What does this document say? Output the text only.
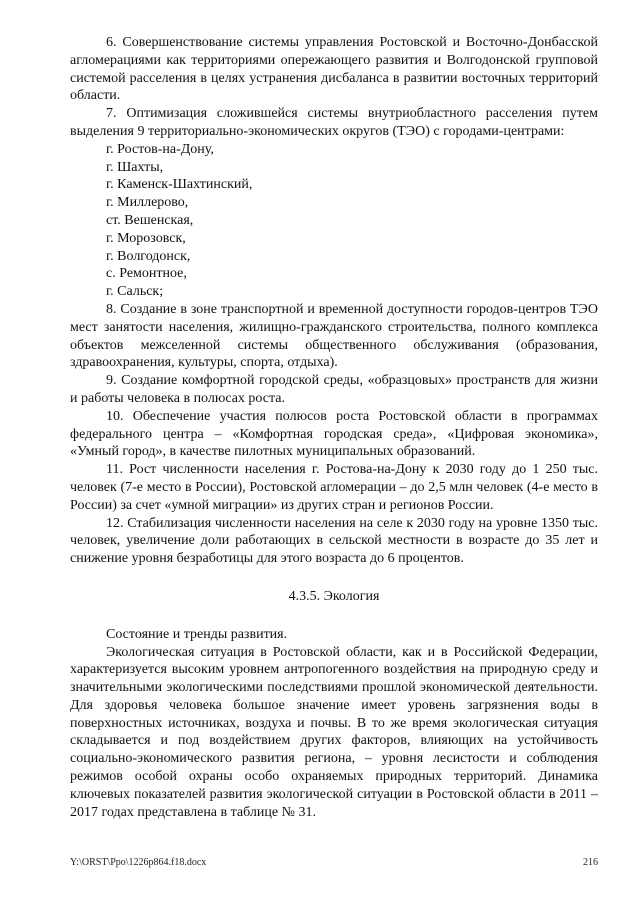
6. Совершенствование системы управления Ростовской и Восточно-Донбасской агломерациями как территориями опережающего развития и Волгодонской групповой системой расселения в целях устранения дисбаланса в развитии восточных территорий области.

7. Оптимизация сложившейся системы внутриобластного расселения путем выделения 9 территориально-экономических округов (ТЭО) с городами-центрами:

г. Ростов-на-Дону,
г. Шахты,
г. Каменск-Шахтинский,
г. Миллерово,
ст. Вешенская,
г. Морозовск,
г. Волгодонск,
с. Ремонтное,
г. Сальск;

8. Создание в зоне транспортной и временной доступности городов-центров ТЭО мест занятости населения, жилищно-гражданского строительства, полного комплекса объектов межселенной системы общественного обслуживания (образования, здравоохранения, культуры, спорта, отдыха).

9. Создание комфортной городской среды, «образцовых» пространств для жизни и работы человека в полюсах роста.

10. Обеспечение участия полюсов роста Ростовской области в программах федерального центра – «Комфортная городская среда», «Цифровая экономика», «Умный город», в качестве пилотных муниципальных образований.

11. Рост численности населения г. Ростова-на-Дону к 2030 году до 1 250 тыс. человек (7-е место в России), Ростовской агломерации – до 2,5 млн человек (4-е место в России) за счет «умной миграции» из других стран и регионов России.

12. Стабилизация численности населения на селе к 2030 году на уровне 1350 тыс. человек, увеличение доли работающих в сельской местности в возрасте до 35 лет и снижение уровня безработицы для этого возраста до 6 процентов.

4.3.5. Экология

Состояние и тренды развития.

Экологическая ситуация в Ростовской области, как и в Российской Федерации, характеризуется высоким уровнем антропогенного воздействия на природную среду и значительными экологическими последствиями прошлой экономической деятельности. Для здоровья человека большое значение имеет уровень загрязнения воды в поверхностных источниках, воздуха и почвы. В то же время экологическая ситуация складывается и под воздействием других факторов, влияющих на устойчивость социально-экономического развития региона, – уровня лесистости и соблюдения режимов особой охраны особо охраняемых природных территорий. Динамика ключевых показателей развития экологической ситуации в Ростовской области в 2011 – 2017 годах представлена в таблице № 31.

Y:\ORST\Ppo\1226p864.f18.docx	216
